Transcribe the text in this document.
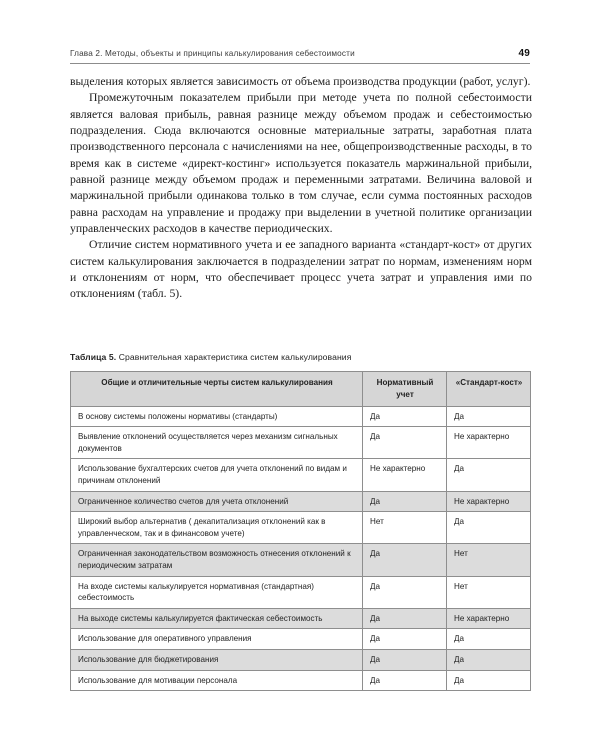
Глава 2. Методы, объекты и принципы калькулирования себестоимости	49

выделения которых является зависимость от объема производства продукции (работ, услуг).

Промежуточным показателем прибыли при методе учета по полной себестоимости является валовая прибыль, равная разнице между объемом продаж и себестоимостью подразделения. Сюда включаются основные материальные затраты, заработная плата производственного персонала с начислениями на нее, общепроизводственные расходы, в то время как в системе «директ-костинг» используется показатель маржинальной прибыли, равной разнице между объемом продаж и переменными затратами. Величина валовой и маржинальной прибыли одинакова только в том случае, если сумма постоянных расходов равна расходам на управление и продажу при выделении в учетной политике организации управленческих расходов в качестве периодических.

Отличие систем нормативного учета и ее западного варианта «стандарт-кост» от других систем калькулирования заключается в подразделении затрат по нормам, изменениям норм и отклонениям от норм, что обеспечивает процесс учета затрат и управления ими по отклонениям (табл. 5).

Таблица 5. Сравнительная характеристика систем калькулирования
Общие и отличительные черты систем калькулирования	Нормативный учет	«Стандарт-кост»
В основу системы положены нормативы (стандарты)	Да	Да
Выявление отклонений осуществляется через механизм сигнальных документов	Да	Не характерно
Использование бухгалтерских счетов для учета отклонений по видам и причинам отклонений	Не характерно	Да
Ограниченное количество счетов для учета отклонений	Да	Не характерно
Широкий выбор альтернатив ( декапитализация отклонений как в управленческом, так и в финансовом учете)	Нет	Да
Ограниченная законодательством возможность отнесения отклонений к периодическим затратам	Да	Нет
На входе системы калькулируется нормативная (стандартная) себестоимость	Да	Нет
На выходе системы калькулируется фактическая себестоимость	Да	Не характерно
Использование для оперативного управления	Да	Да
Использование для бюджетирования	Да	Да
Использование для мотивации персонала	Да	Да
